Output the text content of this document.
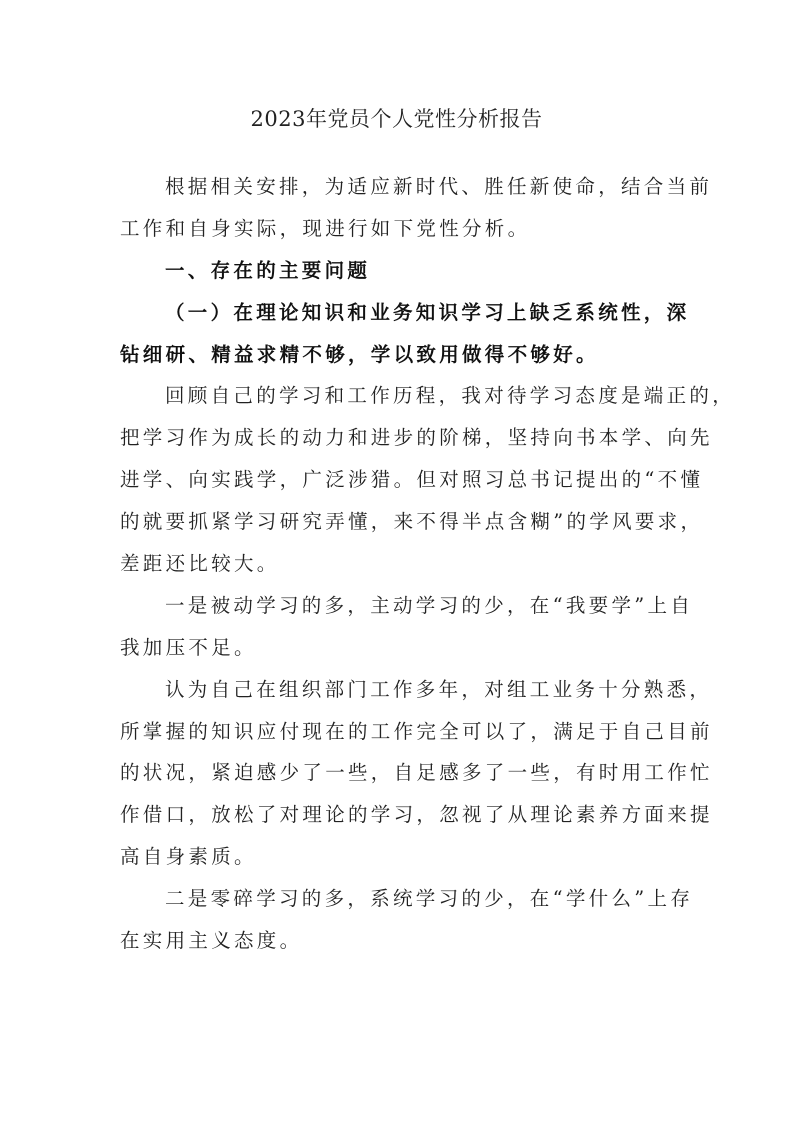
2023年党员个人党性分析报告
根据相关安排，为适应新时代、胜任新使命，结合当前
工作和自身实际，现进行如下党性分析。
一、存在的主要问题
（一）在理论知识和业务知识学习上缺乏系统性，深
钻细研、精益求精不够，学以致用做得不够好。
回顾自己的学习和工作历程，我对待学习态度是端正的，
把学习作为成长的动力和进步的阶梯，坚持向书本学、向先
进学、向实践学，广泛涉猎。但对照习总书记提出的“不懂
的就要抓紧学习研究弄懂，来不得半点含糊”的学风要求，
差距还比较大。
一是被动学习的多，主动学习的少，在“我要学”上自
我加压不足。
认为自己在组织部门工作多年，对组工业务十分熟悉，
所掌握的知识应付现在的工作完全可以了，满足于自己目前
的状况，紧迫感少了一些，自足感多了一些，有时用工作忙
作借口，放松了对理论的学习，忽视了从理论素养方面来提
高自身素质。
二是零碎学习的多，系统学习的少，在“学什么”上存
在实用主义态度。
